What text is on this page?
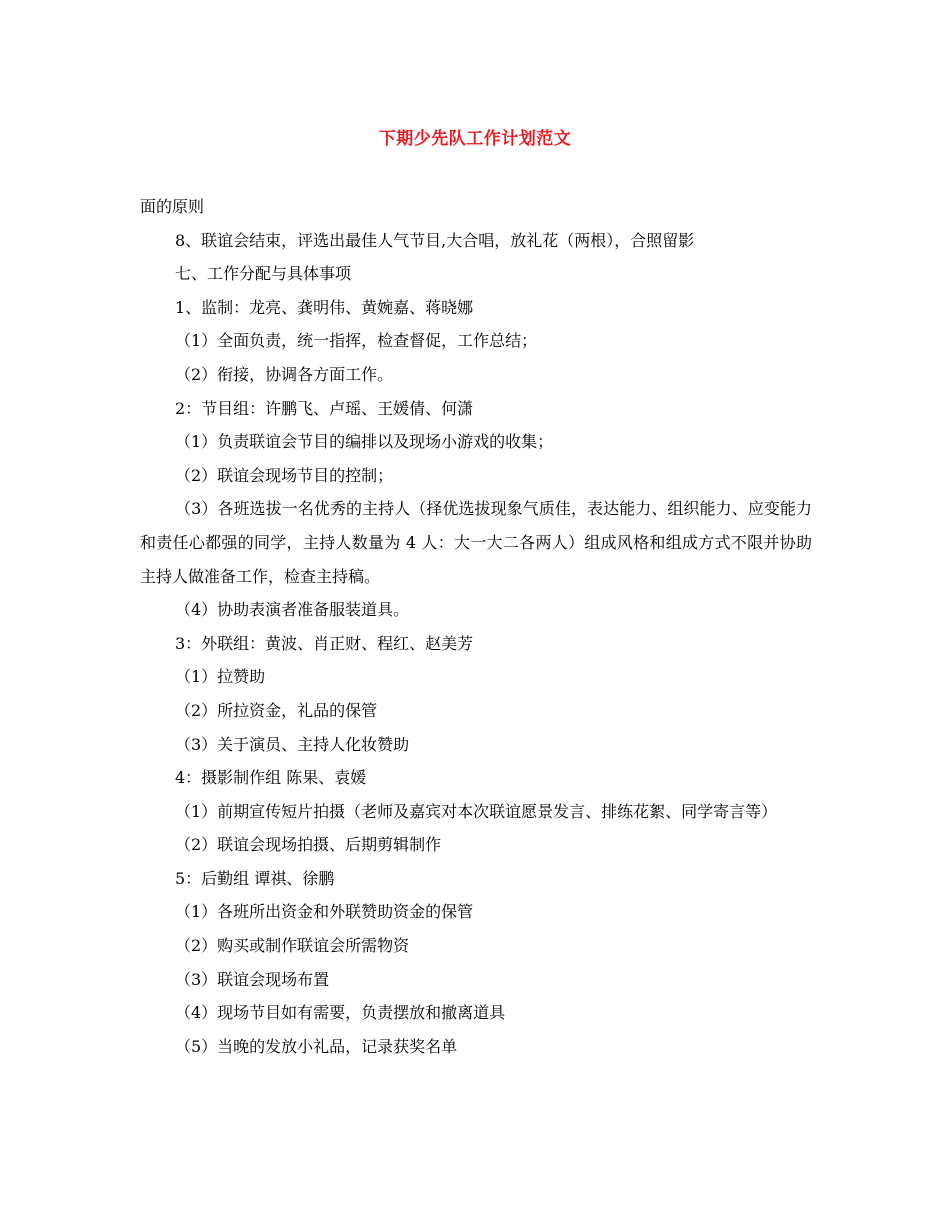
下期少先队工作计划范文
面的原则
8、联谊会结束，评选出最佳人气节目,大合唱，放礼花（两根），合照留影
七、工作分配与具体事项
1、监制：龙亮、龚明伟、黄婉嘉、蒋晓娜
（1）全面负责，统一指挥，检查督促，工作总结；
（2）衔接，协调各方面工作。
2：节目组：许鹏飞、卢瑶、王媛倩、何潇
（1）负责联谊会节目的编排以及现场小游戏的收集；
（2）联谊会现场节目的控制；
（3）各班选拔一名优秀的主持人（择优选拔现象气质佳，表达能力、组织能力、应变能力和责任心都强的同学，主持人数量为 4 人：大一大二各两人）组成风格和组成方式不限并协助主持人做准备工作，检查主持稿。
（4）协助表演者准备服装道具。
3：外联组：黄波、肖正财、程红、赵美芳
（1）拉赞助
（2）所拉资金，礼品的保管
（3）关于演员、主持人化妆赞助
4：摄影制作组 陈果、袁媛
（1）前期宣传短片拍摄（老师及嘉宾对本次联谊愿景发言、排练花絮、同学寄言等）
（2）联谊会现场拍摄、后期剪辑制作
5：后勤组 谭祺、徐鹏
（1）各班所出资金和外联赞助资金的保管
（2）购买或制作联谊会所需物资
（3）联谊会现场布置
（4）现场节目如有需要，负责摆放和撤离道具
（5）当晚的发放小礼品，记录获奖名单
